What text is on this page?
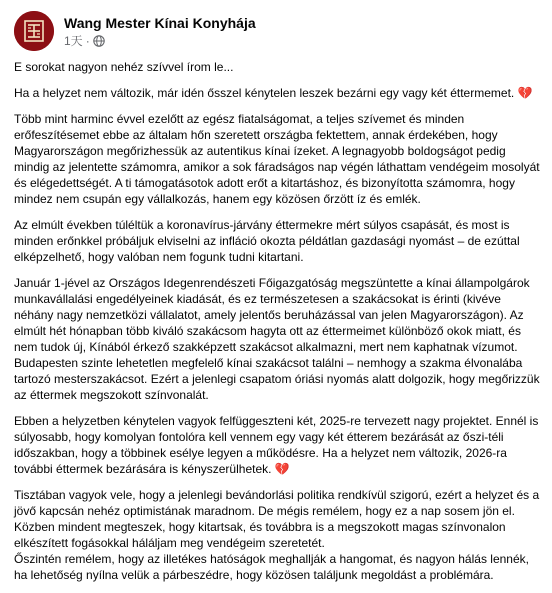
Wang Mester Kínai Konyhája
1天 ·

E sorokat nagyon nehéz szívvel írom le...

Ha a helyzet nem változik, már idén ősszel kénytelen leszek bezárni egy vagy két éttermemet. 💔

Több mint harminc évvel ezelőtt az egész fiatalságomat, a teljes szívemet és minden erőfeszítésemet ebbe az általam hőn szeretett országba fektettem, annak érdekében, hogy Magyarországon megőrizhessük az autentikus kínai ízeket. A legnagyobb boldogságot pedig mindig az jelentette számomra, amikor a sok fáradságos nap végén láthattam vendégeim mosolyát és elégedettségét. A ti támogatásotok adott erőt a kitartáshoz, és bizonyította számomra, hogy mindez nem csupán egy vállalkozás, hanem egy közösen őrzött íz és emlék.

Az elmúlt években túléltük a koronavírus-járvány éttermekre mért súlyos csapását, és most is minden erőnkkel próbáljuk elviselni az infláció okozta példátlan gazdasági nyomást – de ezúttal elképzelhető, hogy valóban nem fogunk tudni kitartani.

Január 1-jével az Országos Idegenrendészeti Főigazgatóság megszüntette a kínai állampolgárok munkavállalási engedélyeinek kiadását, és ez természetesen a szakácsokat is érinti (kivéve néhány nagy nemzetközi vállalatot, amely jelentős beruházással van jelen Magyarországon). Az elmúlt hét hónapban több kiváló szakácsom hagyta ott az éttermeimet különböző okok miatt, és nem tudok új, Kínából érkező szakképzett szakácsot alkalmazni, mert nem kaphatnak vízumot. Budapesten szinte lehetetlen megfelelő kínai szakácsot találni – nemhogy a szakma élvonalába tartozó mesterszakácsot. Ezért a jelenlegi csapatom óriási nyomás alatt dolgozik, hogy megőrizzük az éttermek megszokott színvonalát.

Ebben a helyzetben kénytelen vagyok felfüggeszteni két, 2025-re tervezett nagy projektet. Ennél is súlyosabb, hogy komolyan fontolóra kell vennem egy vagy két étterem bezárását az őszi-téli időszakban, hogy a többinek esélye legyen a működésre. Ha a helyzet nem változik, 2026-ra további éttermek bezárására is kényszerülhetek. 💔

Tisztában vagyok vele, hogy a jelenlegi bevándorlási politika rendkívül szigorú, ezért a helyzet és a jövő kapcsán nehéz optimistának maradnom. De mégis remélem, hogy ez a nap sosem jön el. Közben mindent megteszek, hogy kitartsak, és továbbra is a megszokott magas színvonalon elkészített fogásokkal hálálјam meg vendégeim szeretetét.
Őszintén remélem, hogy az illetékes hatóságok meghallják a hangomat, és nagyon hálás lennék, ha lehetőség nyílna velük a párbeszédre, hogy közösen találjunk megoldást a problémára.
